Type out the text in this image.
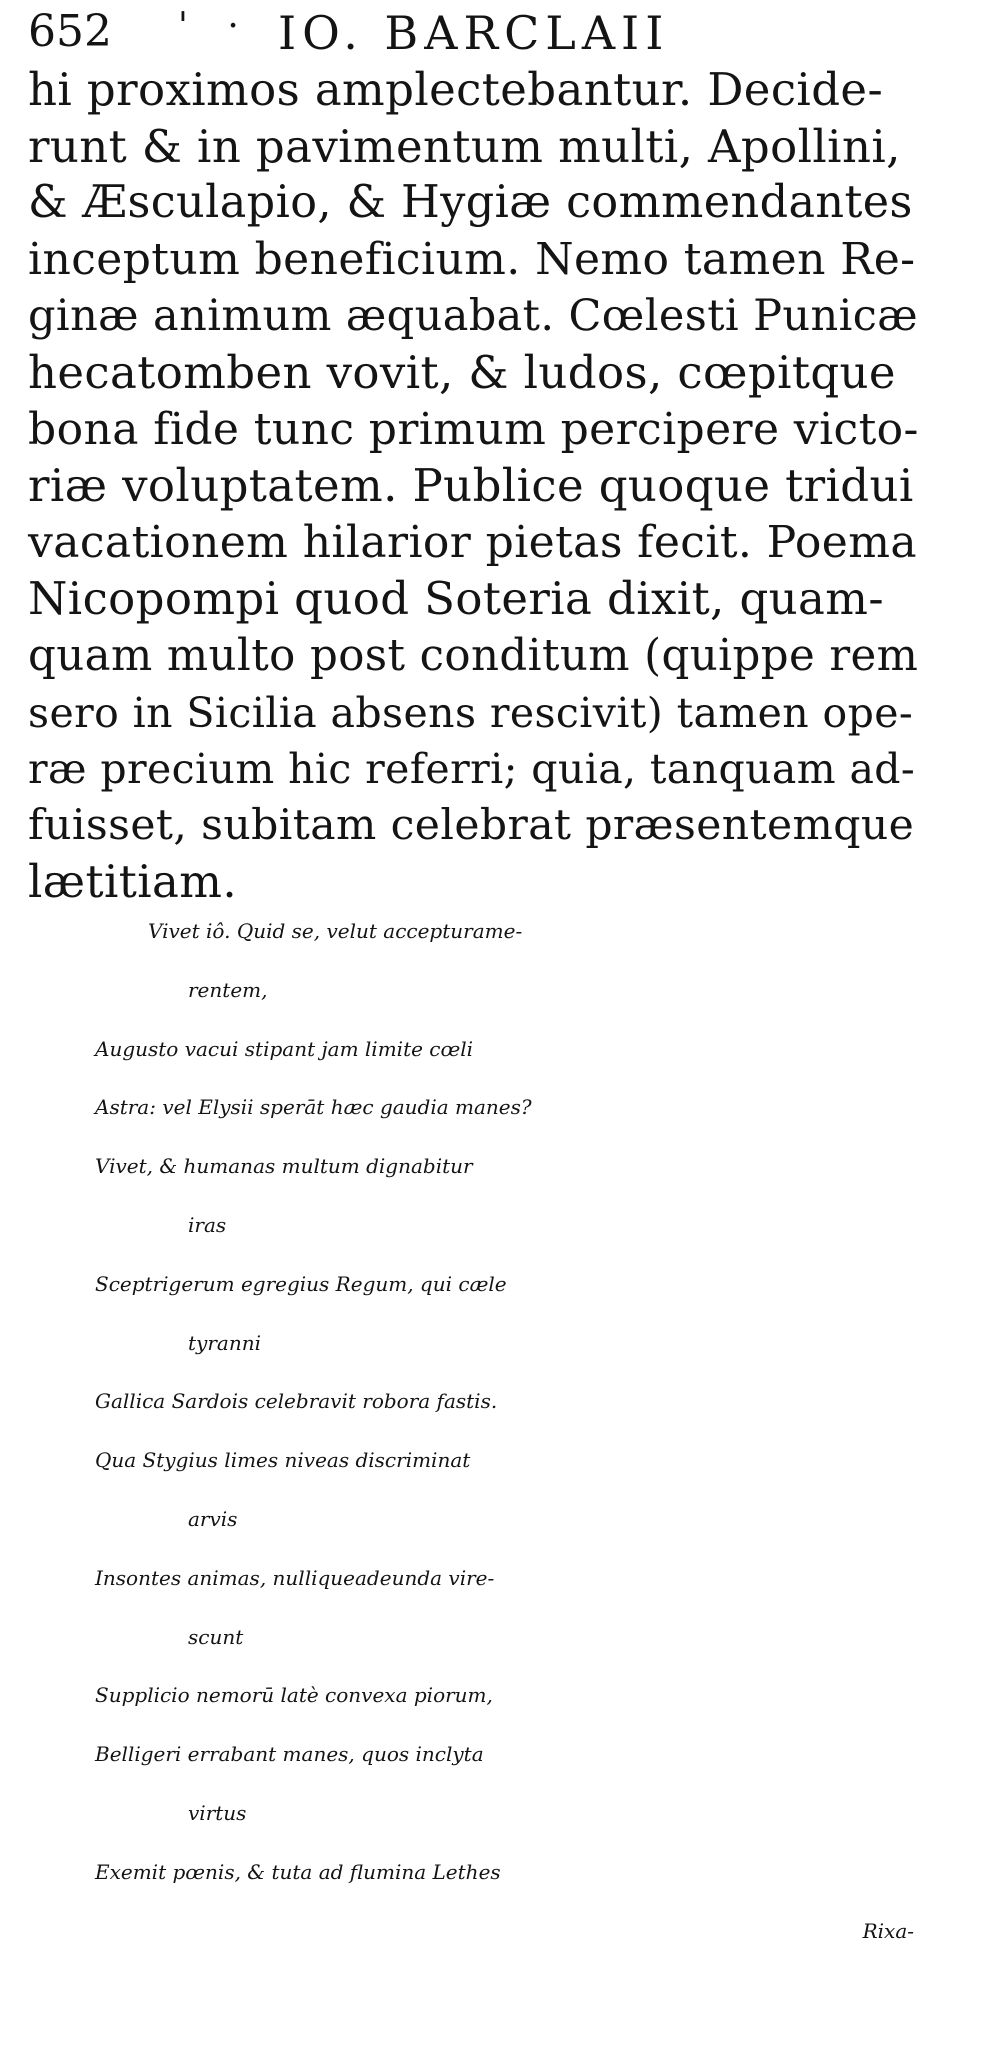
652 ' · IO. BARCLAII
hi proximos amplectebantur. Decide-
runt & in pavimentum multi, Apollini,
& Æsculapio, & Hygiæ commendantes
inceptum beneficium. Nemo tamen Re-
ginæ animum æquabat. Cœlesti Punicæ
hecatomben vovit, & ludos, cœpitque
bona fide tunc primum percipere victo-
riæ voluptatem. Publice quoque tridui
vacationem hilarior pietas fecit. Poema
Nicopompi quod Soteria dixit, quam-
quam multo post conditum (quippe rem
sero in Sicilia absens rescivit) tamen ope-
ræ precium hic referri; quia, tanquam ad-
fuisset, subitam celebrat præsentemque
lætitiam.
Vivet iô. Quid se, velut accepturame-
rentem,
Augusto vacui stipant jam limite cœli
Astra: vel Elysii sperāt hæc gaudia manes?
Vivet, & humanas multum dignabitur
iras
Sceptrigerum egregius Regum, qui cæle
tyranni
Gallica Sardois celebravit robora fastis.
Qua Stygius limes niveas discriminat
arvis
Insontes animas, nulliqueadeunda vire-
scunt
Supplicio nemorū latè convexa piorum,
Belligeri errabant manes, quos inclyta
virtus
Exemit pœnis, & tuta ad flumina Lethes
Rixa-
